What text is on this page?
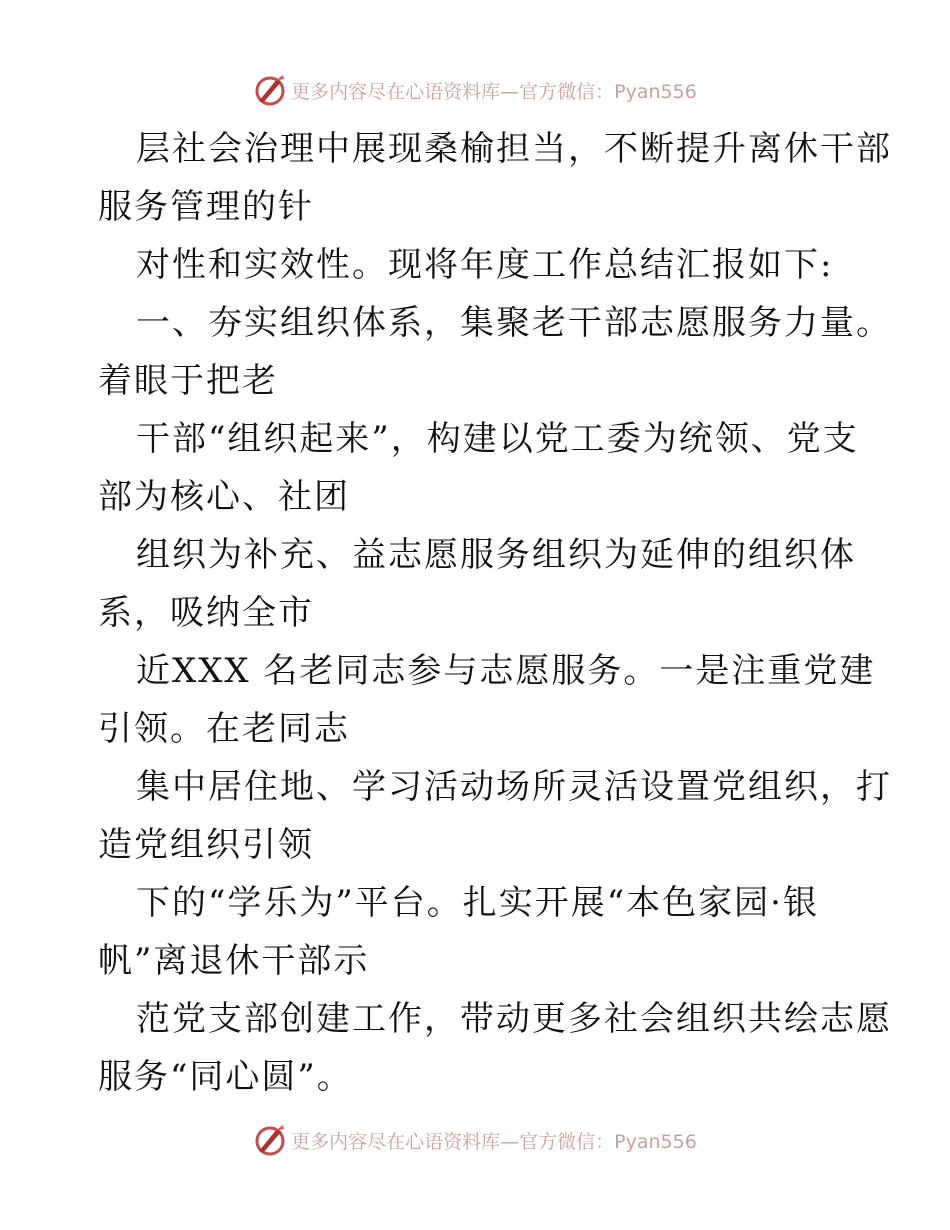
更多内容尽在心语资料库—官方微信：Pyan556
层社会治理中展现桑榆担当，不断提升离休干部
服务管理的针
对性和实效性。现将年度工作总结汇报如下:
一、夯实组织体系，集聚老干部志愿服务力量。
着眼于把老
干部“组织起来”，构建以党工委为统领、党支
部为核心、社团
组织为补充、益志愿服务组织为延伸的组织体
系，吸纳全市
近XXX 名老同志参与志愿服务。一是注重党建
引领。在老同志
集中居住地、学习活动场所灵活设置党组织，打
造党组织引领
下的“学乐为”平台。扎实开展“本色家园·银
帆”离退休干部示
范党支部创建工作，带动更多社会组织共绘志愿
服务“同心圆”。
更多内容尽在心语资料库—官方微信：Pyan556
